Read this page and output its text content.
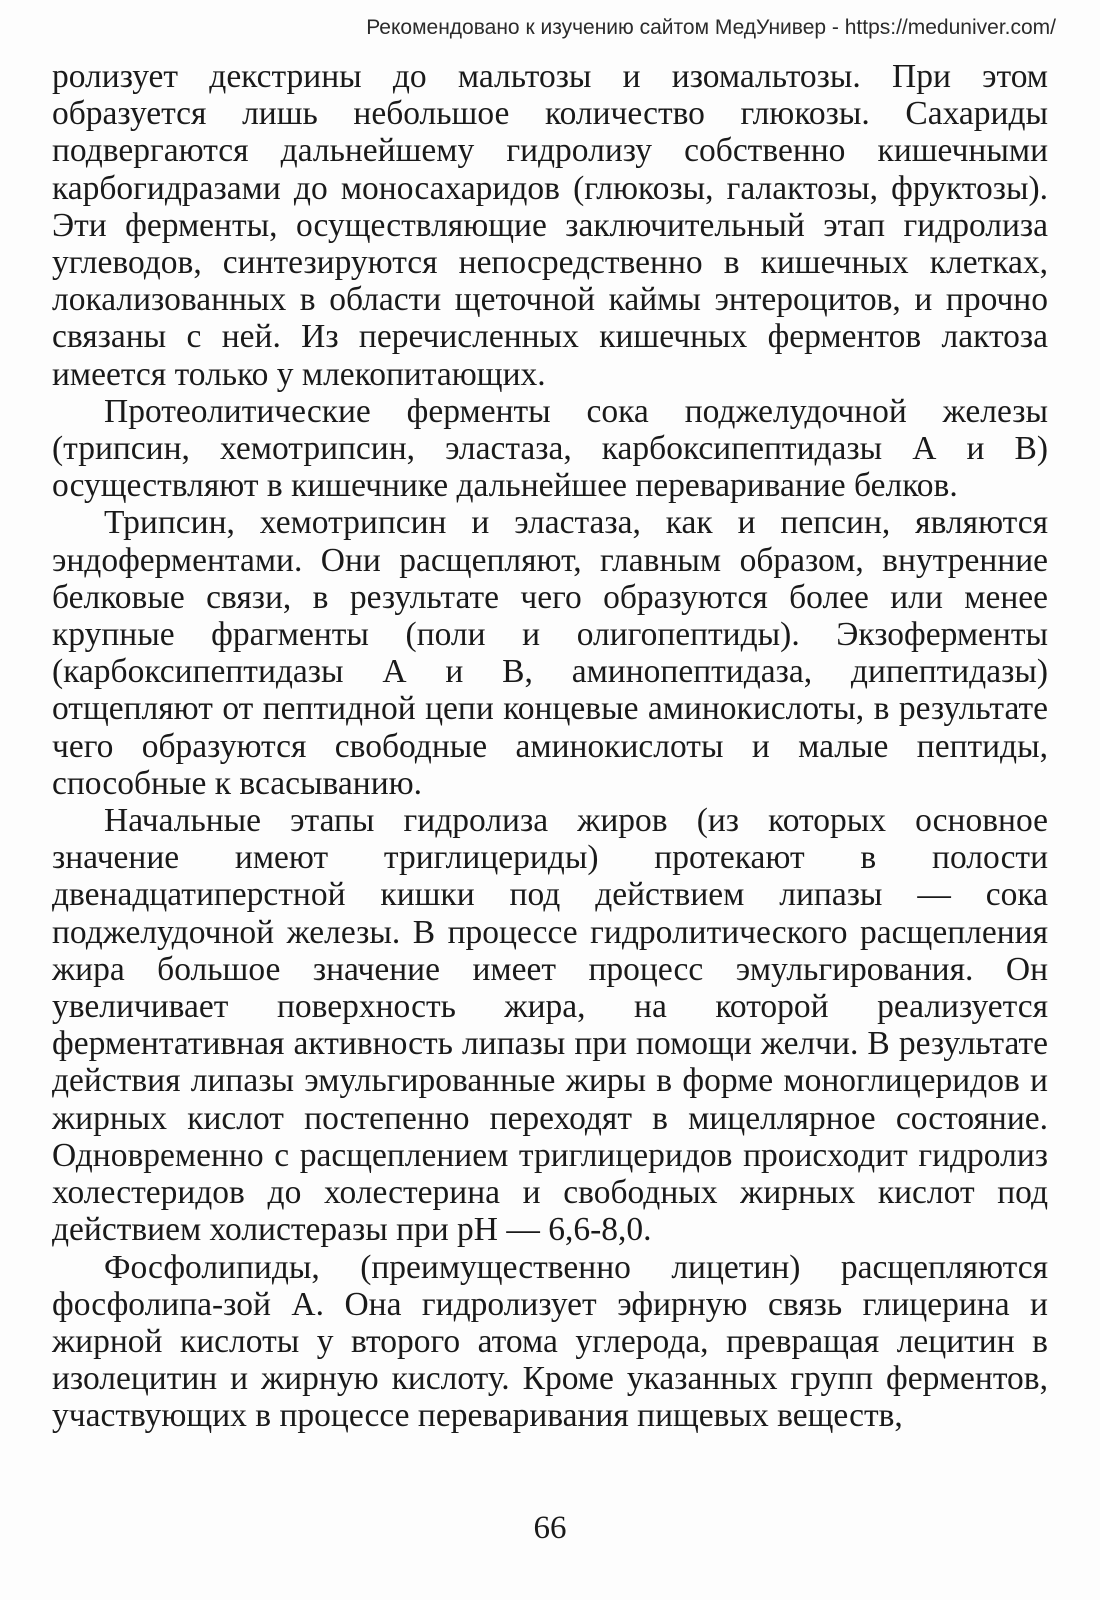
Рекомендовано к изучению сайтом МедУнивер - https://meduniver.com/

ролизует декстрины до мальтозы и изомальтозы. При этом образуется лишь небольшое количество глюкозы. Сахариды подвергаются дальнейшему гидролизу собственно кишечными карбогидразами до моносахаридов (глюкозы, галактозы, фруктозы). Эти ферменты, осуществляющие заключительный этап гидролиза углеводов, синтезируются непосредственно в кишечных клетках, локализованных в области щеточной каймы энтероцитов, и прочно связаны с ней. Из перечисленных кишечных ферментов лактоза имеется только у млекопитающих.

Протеолитические ферменты сока поджелудочной железы (трипсин, хемотрипсин, эластаза, карбоксипептидазы А и В) осуществляют в кишечнике дальнейшее переваривание белков.

Трипсин, хемотрипсин и эластаза, как и пепсин, являются эндоферментами. Они расщепляют, главным образом, внутренние белковые связи, в результате чего образуются более или менее крупные фрагменты (поли и олигопептиды). Экзоферменты (карбоксипептидазы А и В, аминопептидаза, дипептидазы) отщепляют от пептидной цепи концевые аминокислоты, в результате чего образуются свободные аминокислоты и малые пептиды, способные к всасыванию.

Начальные этапы гидролиза жиров (из которых основное значение имеют триглицериды) протекают в полости двенадцатиперстной кишки под действием липазы — сока поджелудочной железы. В процессе гидролитического расщепления жира большое значение имеет процесс эмульгирования. Он увеличивает поверхность жира, на которой реализуется ферментативная активность липазы при помощи желчи. В результате действия липазы эмульгированные жиры в форме моноглицеридов и жирных кислот постепенно переходят в мицеллярное состояние. Одновременно с расщеплением триглицеридов происходит гидролиз холестеридов до холестерина и свободных жирных кислот под действием холистеразы при рН — 6,6-8,0.

Фосфолипиды, (преимущественно лицетин) расщепляются фосфолипа-зой А. Она гидролизует эфирную связь глицерина и жирной кислоты у второго атома углерода, превращая лецитин в изолецитин и жирную кислоту. Кроме указанных групп ферментов, участвующих в процессе переваривания пищевых веществ,

66
